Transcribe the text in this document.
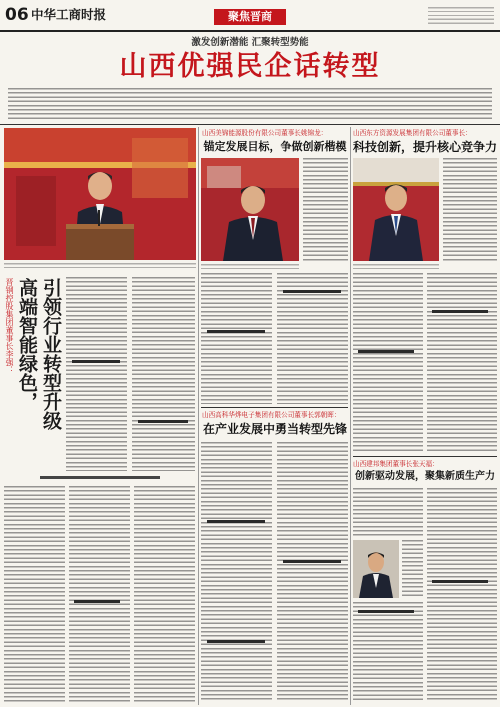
06 中华工商时报	聚焦晋商
激发创新潜能 汇聚转型势能
山西优强民企话转型
晋钢控股集团董事长李强： 高端智能绿色， 引领行业转型升级
山西美锦能源股份有限公司董事长姚锦龙：
锚定发展目标，争做创新楷模
山西高科华烨电子集团有限公司董事长郭朝晖：
在产业发展中勇当转型先锋
山西东方资源发展集团有限公司董事长：
科技创新，提升核心竞争力
山西建邦集团董事长张天福：
创新驱动发展，聚集新质生产力
